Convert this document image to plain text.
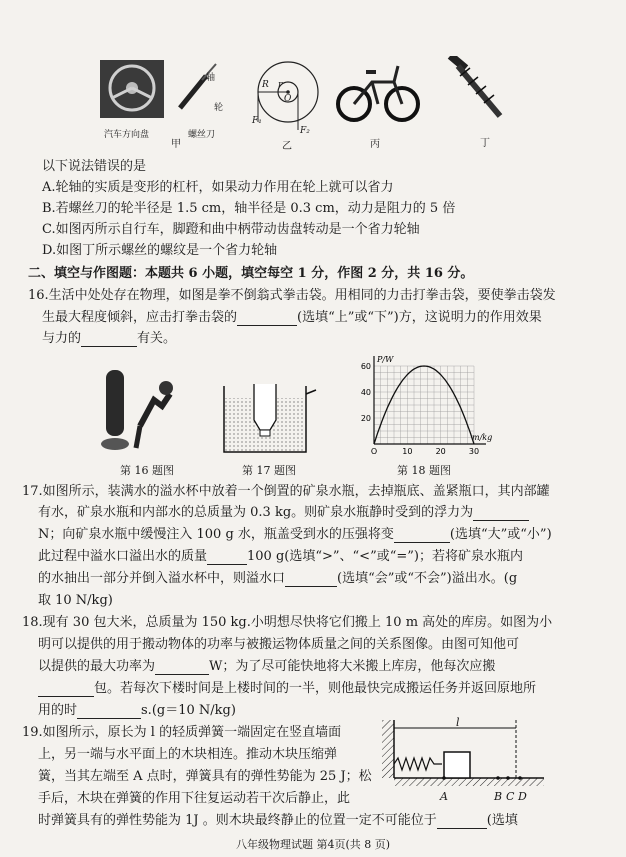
汽车方向盘	螺丝刀
轴
轮
甲
R r
O
F₁
F₂
乙	丙	丁
以下说法错误的是
A.轮轴的实质是变形的杠杆，如果动力作用在轮上就可以省力
B.若螺丝刀的轮半径是 1.5 cm，轴半径是 0.3 cm，动力是阻力的 5 倍
C.如图丙所示自行车，脚蹬和曲中柄带动齿盘转动是一个省力轮轴
D.如图丁所示螺丝的螺纹是一个省力轮轴
二、填空与作图题：本题共 6 小题，填空每空 1 分，作图 2 分，共 16 分。
16.生活中处处存在物理，如图是拳不倒翁式拳击袋。用相同的力击打拳击袋，要使拳击袋发
生最大程度倾斜，应击打拳击袋的	(选填“上”或“下”)方，这说明力的作用效果
与力的	有关。
O	10	20	30
20
40
60
P/W
m/kg
第 16 题图	第 17 题图	第 18 题图
17.如图所示，装满水的溢水杯中放着一个倒置的矿泉水瓶，去掉瓶底、盖紧瓶口，其内部罐
有水，矿泉水瓶和内部水的总质量为 0.3 kg。则矿泉水瓶静时受到的浮力为
N；向矿泉水瓶中缓慢注入 100 g 水，瓶盖受到水的压强将变	(选填“大”或“小”)
此过程中溢水口溢出水的质量	100 g(选填“>”、“<”或“=”)；若将矿泉水瓶内
的水抽出一部分并倒入溢水杯中，则溢水口	(选填“会”或“不会”)溢出水。(g
取 10 N/kg)
18.现有 30 包大米，总质量为 150 kg.小明想尽快将它们搬上 10 m 高处的库房。如图为小
明可以提供的用于搬动物体的功率与被搬运物体质量之间的关系图像。由图可知他可
以提供的最大功率为	W；为了尽可能快地将大米搬上库房，他每次应搬
包。若每次下楼时间是上楼时间的一半，则他最快完成搬运任务并返回原地所
用的时	s.(g＝10 N/kg)
19.如图所示，原长为 l 的轻质弹簧一端固定在竖直墙面
上，另一端与水平面上的木块相连。推动木块压缩弹
簧，当其左端至 A 点时，弹簧具有的弹性势能为 25 J；松
手后，木块在弹簧的作用下往复运动若干次后静止，此
时弹簧具有的弹性势能为 1J 。则木块最终静止的位置一定不可能位于	(选填
l
A	B C D
八年级物理试题 第4页(共 8 页)
